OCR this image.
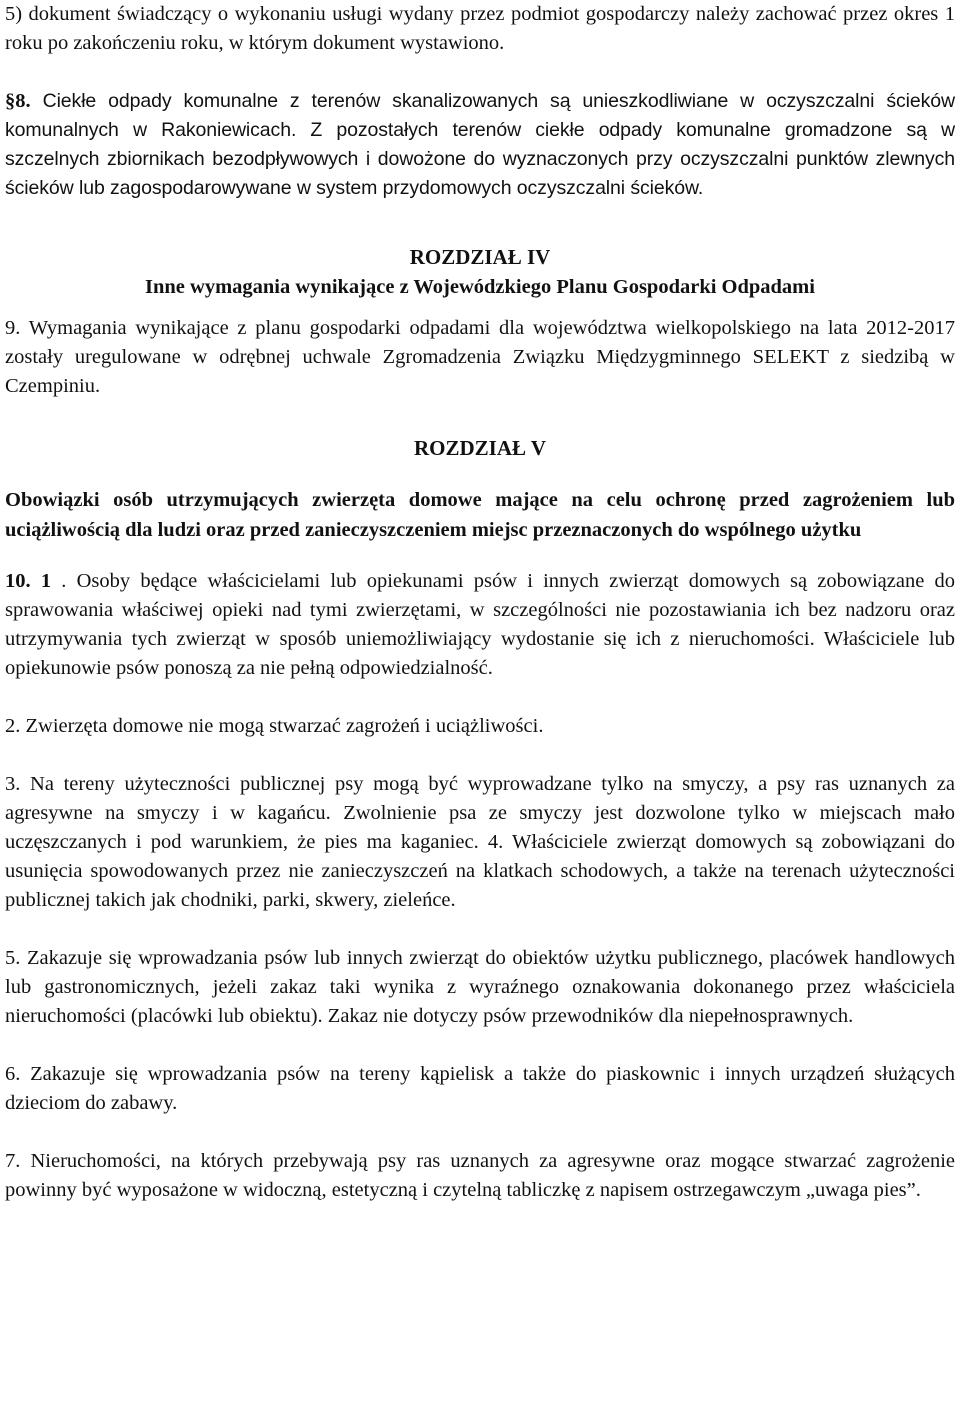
5) dokument świadczący o wykonaniu usługi wydany przez podmiot gospodarczy należy zachować przez okres 1 roku po zakończeniu roku, w którym dokument wystawiono.

§8. Ciekłe odpady komunalne z terenów skanalizowanych są unieszkodliwiane w oczyszczalni ścieków komunalnych w Rakoniewicach. Z pozostałych terenów ciekłe odpady komunalne gromadzone są w szczelnych zbiornikach bezodpływowych i dowożone do wyznaczonych przy oczyszczalni punktów zlewnych ścieków lub zagospodarowywane w system przydomowych oczyszczalni ścieków.

ROZDZIAŁ IV

Inne wymagania wynikające z Wojewódzkiego Planu Gospodarki Odpadami

9. Wymagania wynikające z planu gospodarki odpadami dla województwa wielkopolskiego na lata 2012-2017 zostały uregulowane w odrębnej uchwale Zgromadzenia Związku Międzygminnego SELEKT z siedzibą w Czempiniu.

ROZDZIAŁ V

Obowiązki osób utrzymujących zwierzęta domowe mające na celu ochronę przed zagrożeniem lub uciążliwością dla ludzi oraz przed zanieczyszczeniem miejsc przeznaczonych do wspólnego użytku

10. 1 . Osoby będące właścicielami lub opiekunami psów i innych zwierząt domowych są zobowiązane do sprawowania właściwej opieki nad tymi zwierzętami, w szczególności nie pozostawiania ich bez nadzoru oraz utrzymywania tych zwierząt w sposób uniemożliwiający wydostanie się ich z nieruchomości. Właściciele lub opiekunowie psów ponoszą za nie pełną odpowiedzialność.

2. Zwierzęta domowe nie mogą stwarzać zagrożeń i uciążliwości.

3. Na tereny użyteczności publicznej psy mogą być wyprowadzane tylko na smyczy, a psy ras uznanych za agresywne na smyczy i w kagańcu. Zwolnienie psa ze smyczy jest dozwolone tylko w miejscach mało uczęszczanych i pod warunkiem, że pies ma kaganiec. 4. Właściciele zwierząt domowych są zobowiązani do usunięcia spowodowanych przez nie zanieczyszczeń na klatkach schodowych, a także na terenach użyteczności publicznej takich jak chodniki, parki, skwery, zieleńce.

5. Zakazuje się wprowadzania psów lub innych zwierząt do obiektów użytku publicznego, placówek handlowych lub gastronomicznych, jeżeli zakaz taki wynika z wyraźnego oznakowania dokonanego przez właściciela nieruchomości (placówki lub obiektu). Zakaz nie dotyczy psów przewodników dla niepełnosprawnych.

6. Zakazuje się wprowadzania psów na tereny kąpielisk a także do piaskownic i innych urządzeń służących dzieciom do zabawy.

7. Nieruchomości, na których przebywają psy ras uznanych za agresywne oraz mogące stwarzać zagrożenie powinny być wyposażone w widoczną, estetyczną i czytelną tabliczkę z napisem ostrzegawczym „uwaga pies”.
